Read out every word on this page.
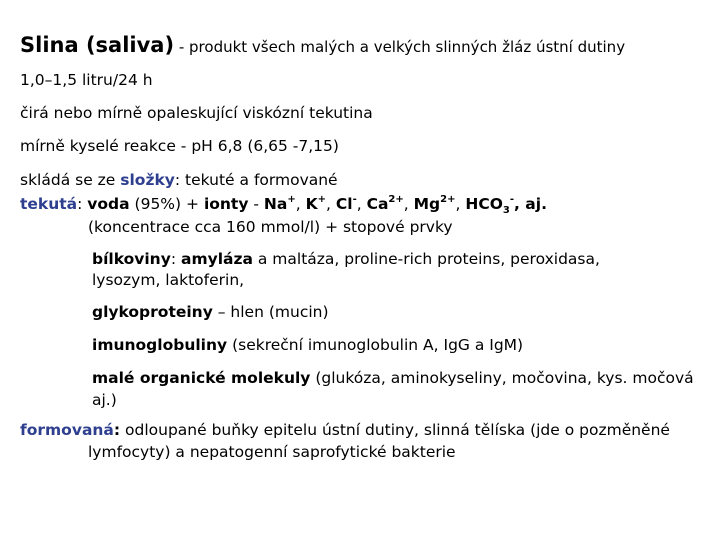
Slina (saliva) - produkt všech malých a velkých slinných žláz ústní dutiny
1,0–1,5 litru/24 h
čirá nebo mírně opaleskující viskózní tekutina
mírně kyselé reakce - pH 6,8 (6,65 -7,15)
skládá se ze složky: tekuté a formované
tekutá: voda (95%) + ionty - Na+, K+, Cl-, $Ca^{2+}$, $Mg^{2+}$, $HCO_3^-$, aj.
(koncentrace cca 160 mmol/l) + stopové prvky
bílkoviny: amyláza a maltáza, proline-rich proteins, peroxidasa,
lysozym, laktoferin,
glykoproteiny – hlen (mucin)
imunoglobuliny (sekreční imunoglobulin A, IgG a IgM)
malé organické molekuly (glukóza, aminokyseliny, močovina, kys. močová
aj.)
formovaná: odloupané buňky epitelu ústní dutiny, slinná tělíska (jde o pozměněné
lymfocyty) a nepatogenní saprofytické bakterie
